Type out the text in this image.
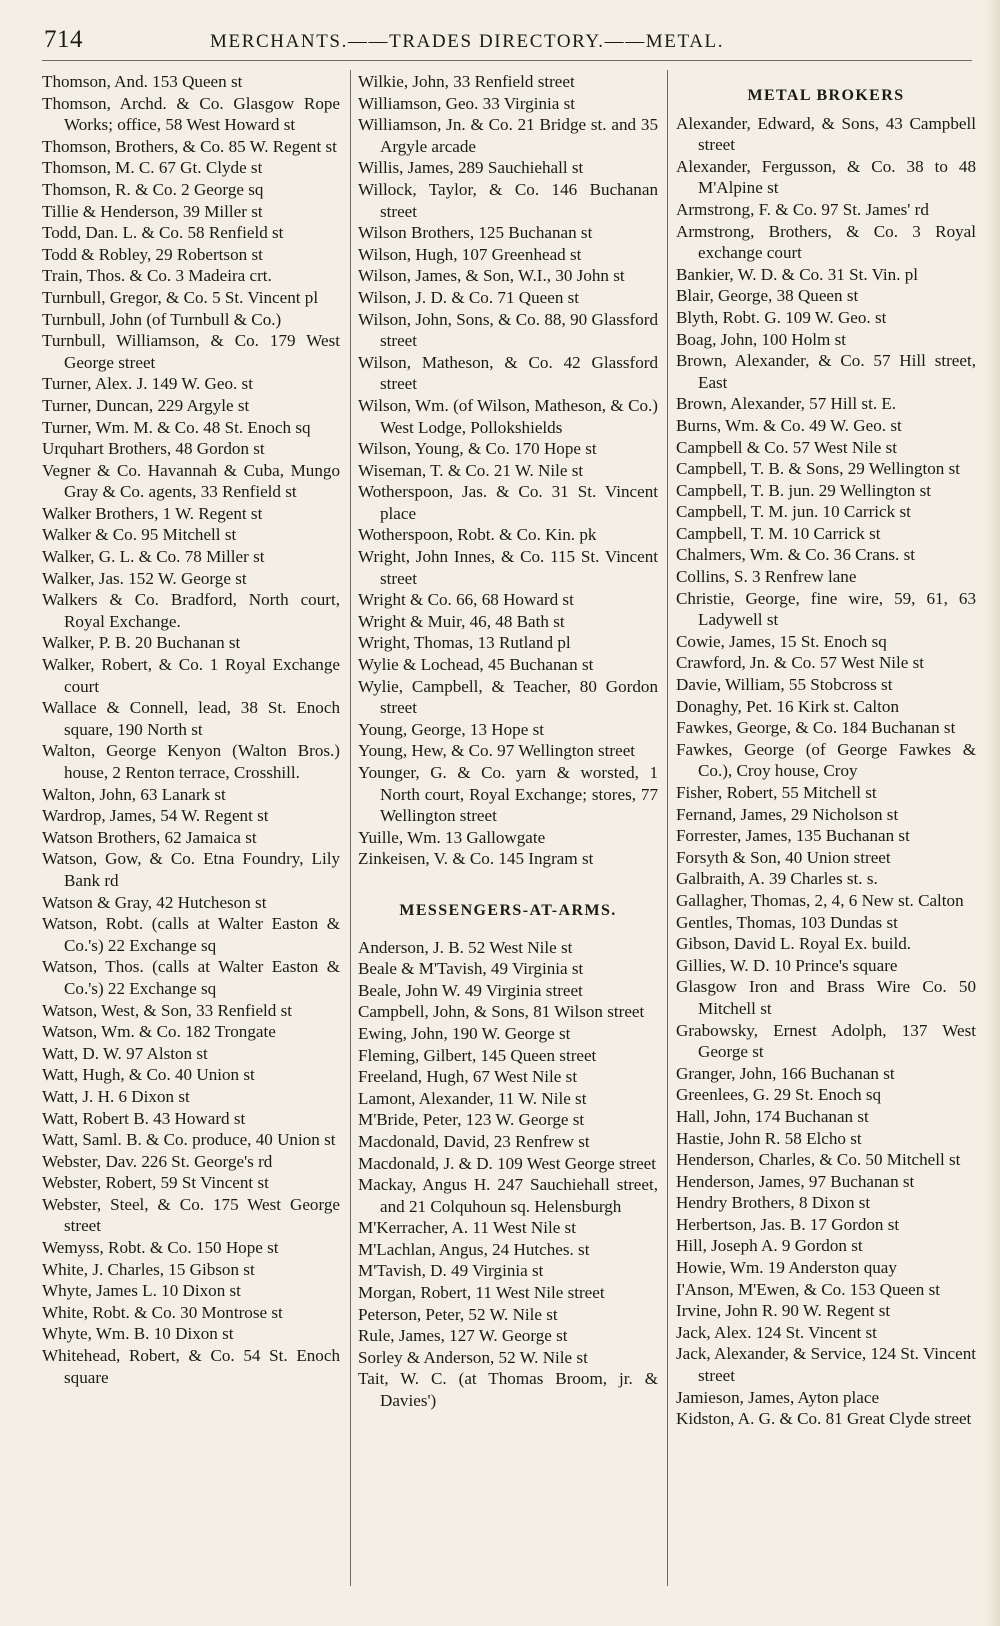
714	MERCHANTS.——TRADES DIRECTORY.——METAL.

Thomson, And. 153 Queen st

Thomson, Archd. & Co. Glasgow Rope Works; office, 58 West Howard st

Thomson, Brothers, & Co. 85 W. Regent st

Thomson, M. C. 67 Gt. Clyde st

Thomson, R. & Co. 2 George sq

Tillie & Henderson, 39 Miller st

Todd, Dan. L. & Co. 58 Renfield st

Todd & Robley, 29 Robertson st

Train, Thos. & Co. 3 Madeira crt.

Turnbull, Gregor, & Co. 5 St. Vincent pl

Turnbull, John (of Turnbull & Co.)

Turnbull, Williamson, & Co. 179 West George street

Turner, Alex. J. 149 W. Geo. st

Turner, Duncan, 229 Argyle st

Turner, Wm. M. & Co. 48 St. Enoch sq

Urquhart Brothers, 48 Gordon st

Vegner & Co. Havannah & Cuba, Mungo Gray & Co. agents, 33 Renfield st

Walker Brothers, 1 W. Regent st

Walker & Co. 95 Mitchell st

Walker, G. L. & Co. 78 Miller st

Walker, Jas. 152 W. George st

Walkers & Co. Bradford, North court, Royal Exchange.

Walker, P. B. 20 Buchanan st

Walker, Robert, & Co. 1 Royal Exchange court

Wallace & Connell, lead, 38 St. Enoch square, 190 North st

Walton, George Kenyon (Walton Bros.) house, 2 Renton terrace, Crosshill.

Walton, John, 63 Lanark st

Wardrop, James, 54 W. Regent st

Watson Brothers, 62 Jamaica st

Watson, Gow, & Co. Etna Foundry, Lily Bank rd

Watson & Gray, 42 Hutcheson st

Watson, Robt. (calls at Walter Easton & Co.'s) 22 Exchange sq

Watson, Thos. (calls at Walter Easton & Co.'s) 22 Exchange sq

Watson, West, & Son, 33 Renfield st

Watson, Wm. & Co. 182 Trongate

Watt, D. W. 97 Alston st

Watt, Hugh, & Co. 40 Union st

Watt, J. H. 6 Dixon st

Watt, Robert B. 43 Howard st

Watt, Saml. B. & Co. produce, 40 Union st

Webster, Dav. 226 St. George's rd

Webster, Robert, 59 St Vincent st

Webster, Steel, & Co. 175 West George street

Wemyss, Robt. & Co. 150 Hope st

White, J. Charles, 15 Gibson st

Whyte, James L. 10 Dixon st

White, Robt. & Co. 30 Montrose st

Whyte, Wm. B. 10 Dixon st

Whitehead, Robert, & Co. 54 St. Enoch square

Wilkie, John, 33 Renfield street

Williamson, Geo. 33 Virginia st

Williamson, Jn. & Co. 21 Bridge st. and 35 Argyle arcade

Willis, James, 289 Sauchiehall st

Willock, Taylor, & Co. 146 Buchanan street

Wilson Brothers, 125 Buchanan st

Wilson, Hugh, 107 Greenhead st

Wilson, James, & Son, W.I., 30 John st

Wilson, J. D. & Co. 71 Queen st

Wilson, John, Sons, & Co. 88, 90 Glassford street

Wilson, Matheson, & Co. 42 Glassford street

Wilson, Wm. (of Wilson, Matheson, & Co.) West Lodge, Pollokshields

Wilson, Young, & Co. 170 Hope st

Wiseman, T. & Co. 21 W. Nile st

Wotherspoon, Jas. & Co. 31 St. Vincent place

Wotherspoon, Robt. & Co. Kin. pk

Wright, John Innes, & Co. 115 St. Vincent street

Wright & Co. 66, 68 Howard st

Wright & Muir, 46, 48 Bath st

Wright, Thomas, 13 Rutland pl

Wylie & Lochead, 45 Buchanan st

Wylie, Campbell, & Teacher, 80 Gordon street

Young, George, 13 Hope st

Young, Hew, & Co. 97 Wellington street

Younger, G. & Co. yarn & worsted, 1 North court, Royal Exchange; stores, 77 Wellington street

Yuille, Wm. 13 Gallowgate

Zinkeisen, V. & Co. 145 Ingram st

MESSENGERS-AT-ARMS.

Anderson, J. B. 52 West Nile st

Beale & M'Tavish, 49 Virginia st

Beale, John W. 49 Virginia street

Campbell, John, & Sons, 81 Wilson street

Ewing, John, 190 W. George st

Fleming, Gilbert, 145 Queen street

Freeland, Hugh, 67 West Nile st

Lamont, Alexander, 11 W. Nile st

M'Bride, Peter, 123 W. George st

Macdonald, David, 23 Renfrew st

Macdonald, J. & D. 109 West George street

Mackay, Angus H. 247 Sauchiehall street, and 21 Colquhoun sq. Helensburgh

M'Kerracher, A. 11 West Nile st

M'Lachlan, Angus, 24 Hutches. st

M'Tavish, D. 49 Virginia st

Morgan, Robert, 11 West Nile street

Peterson, Peter, 52 W. Nile st

Rule, James, 127 W. George st

Sorley & Anderson, 52 W. Nile st

Tait, W. C. (at Thomas Broom, jr. & Davies')

METAL BROKERS

Alexander, Edward, & Sons, 43 Campbell street

Alexander, Fergusson, & Co. 38 to 48 M'Alpine st

Armstrong, F. & Co. 97 St. James' rd

Armstrong, Brothers, & Co. 3 Royal exchange court

Bankier, W. D. & Co. 31 St. Vin. pl

Blair, George, 38 Queen st

Blyth, Robt. G. 109 W. Geo. st

Boag, John, 100 Holm st

Brown, Alexander, & Co. 57 Hill street, East

Brown, Alexander, 57 Hill st. E.

Burns, Wm. & Co. 49 W. Geo. st

Campbell & Co. 57 West Nile st

Campbell, T. B. & Sons, 29 Wellington st

Campbell, T. B. jun. 29 Wellington st

Campbell, T. M. jun. 10 Carrick st

Campbell, T. M. 10 Carrick st

Chalmers, Wm. & Co. 36 Crans. st

Collins, S. 3 Renfrew lane

Christie, George, fine wire, 59, 61, 63 Ladywell st

Cowie, James, 15 St. Enoch sq

Crawford, Jn. & Co. 57 West Nile st

Davie, William, 55 Stobcross st

Donaghy, Pet. 16 Kirk st. Calton

Fawkes, George, & Co. 184 Buchanan st

Fawkes, George (of George Fawkes & Co.), Croy house, Croy

Fisher, Robert, 55 Mitchell st

Fernand, James, 29 Nicholson st

Forrester, James, 135 Buchanan st

Forsyth & Son, 40 Union street

Galbraith, A. 39 Charles st. s.

Gallagher, Thomas, 2, 4, 6 New st. Calton

Gentles, Thomas, 103 Dundas st

Gibson, David L. Royal Ex. build.

Gillies, W. D. 10 Prince's square

Glasgow Iron and Brass Wire Co. 50 Mitchell st

Grabowsky, Ernest Adolph, 137 West George st

Granger, John, 166 Buchanan st

Greenlees, G. 29 St. Enoch sq

Hall, John, 174 Buchanan st

Hastie, John R. 58 Elcho st

Henderson, Charles, & Co. 50 Mitchell st

Henderson, James, 97 Buchanan st

Hendry Brothers, 8 Dixon st

Herbertson, Jas. B. 17 Gordon st

Hill, Joseph A. 9 Gordon st

Howie, Wm. 19 Anderston quay

I'Anson, M'Ewen, & Co. 153 Queen st

Irvine, John R. 90 W. Regent st

Jack, Alex. 124 St. Vincent st

Jack, Alexander, & Service, 124 St. Vincent street

Jamieson, James, Ayton place

Kidston, A. G. & Co. 81 Great Clyde street
